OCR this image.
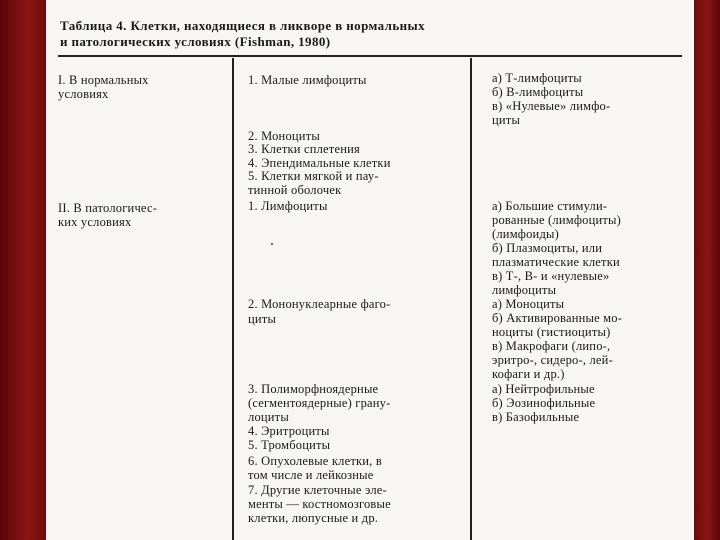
Таблица 4. Клетки, находящиеся в ликворе в нормальных
и патологических условиях (Fishman, 1980)
I. В нормальных
условиях
II. В патологичес-
ких условиях
1. Малые лимфоциты
2. Моноциты
3. Клетки сплетения
4. Эпендимальные клетки
5. Клетки мягкой и пау-
тинной оболочек
1. Лимфоциты
2. Мононуклеарные фаго-
циты
3. Полиморфноядерные
(сегментоядерные) грану-
лоциты
4. Эритроциты
5. Тромбоциты
6. Опухолевые клетки, в
том числе и лейкозные
7. Другие клеточные эле-
менты — костномозговые
клетки, люпусные и др.
а) Т-лимфоциты
б) В-лимфоциты
в) «Нулевые» лимфо-
циты
а) Большие стимули-
рованные (лимфоциты)
(лимфоиды)
б) Плазмоциты, или
плазматические клетки
в) Т-, В- и «нулевые»
лимфоциты
а) Моноциты
б) Активированные мо-
ноциты (гистиоциты)
в) Макрофаги (липо-,
эритро-, сидеро-, лей-
кофаги и др.)
а) Нейтрофильные
б) Эозинофильные
в) Базофильные
